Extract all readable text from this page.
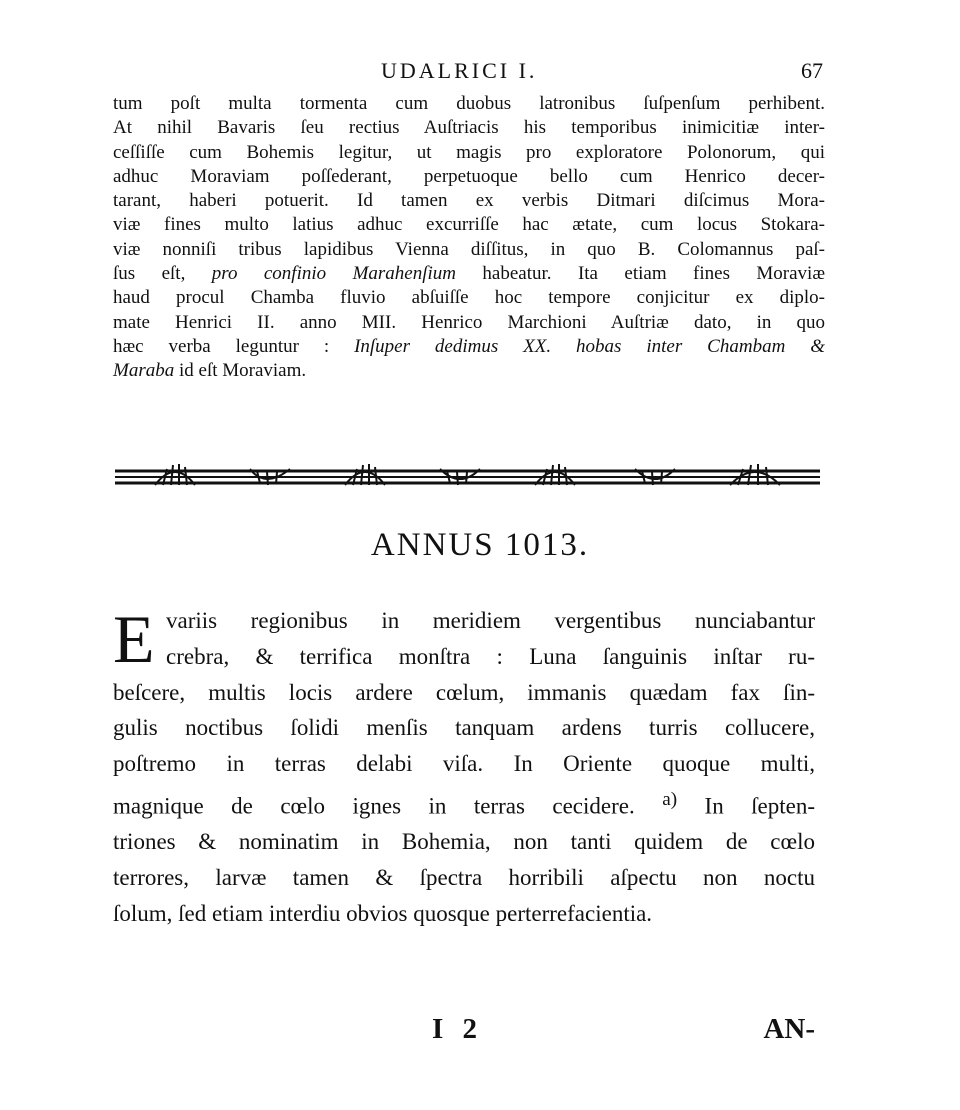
UDALRICI I.	67
tum poſt multa tormenta cum duobus latronibus ſuſpenſum perhibent.
At nihil Bavaris ſeu rectius Auſtriacis his temporibus inimicitiæ inter-
ceſſiſſe cum Bohemis legitur, ut magis pro exploratore Polonorum, qui
adhuc Moraviam poſſederant, perpetuoque bello cum Henrico decer-
tarant, haberi potuerit. Id tamen ex verbis Ditmari diſcimus Mora-
viæ fines multo latius adhuc excurriſſe hac ætate, cum locus Stokara-
viæ nonniſi tribus lapidibus Vienna diſſitus, in quo B. Colomannus paſ-
ſus eſt, pro confinio Marahenſium habeatur. Ita etiam fines Moraviæ
haud procul Chamba fluvio abſuiſſe hoc tempore conjicitur ex diplo-
mate Henrici II. anno MII. Henrico Marchioni Auſtriæ dato, in quo
hæc verba leguntur : Inſuper dedimus XX. hobas inter Chambam &
Maraba id eſt Moraviam.
ANNUS 1013.
E variis regionibus in meridiem vergentibus nunciabantur
crebra, & terrifica monſtra : Luna ſanguinis inſtar ru-
beſcere, multis locis ardere cœlum, immanis quædam fax ſin-
gulis noctibus ſolidi menſis tanquam ardens turris collucere,
poſtremo in terras delabi viſa. In Oriente quoque multi,
magnique de cœlo ignes in terras cecidere. $^{a)}$ In ſepten-
triones & nominatim in Bohemia, non tanti quidem de cœlo
terrores, larvæ tamen & ſpectra horribili aſpectu non noctu
ſolum, ſed etiam interdiu obvios quosque perterrefacientia.
I 2	AN-
